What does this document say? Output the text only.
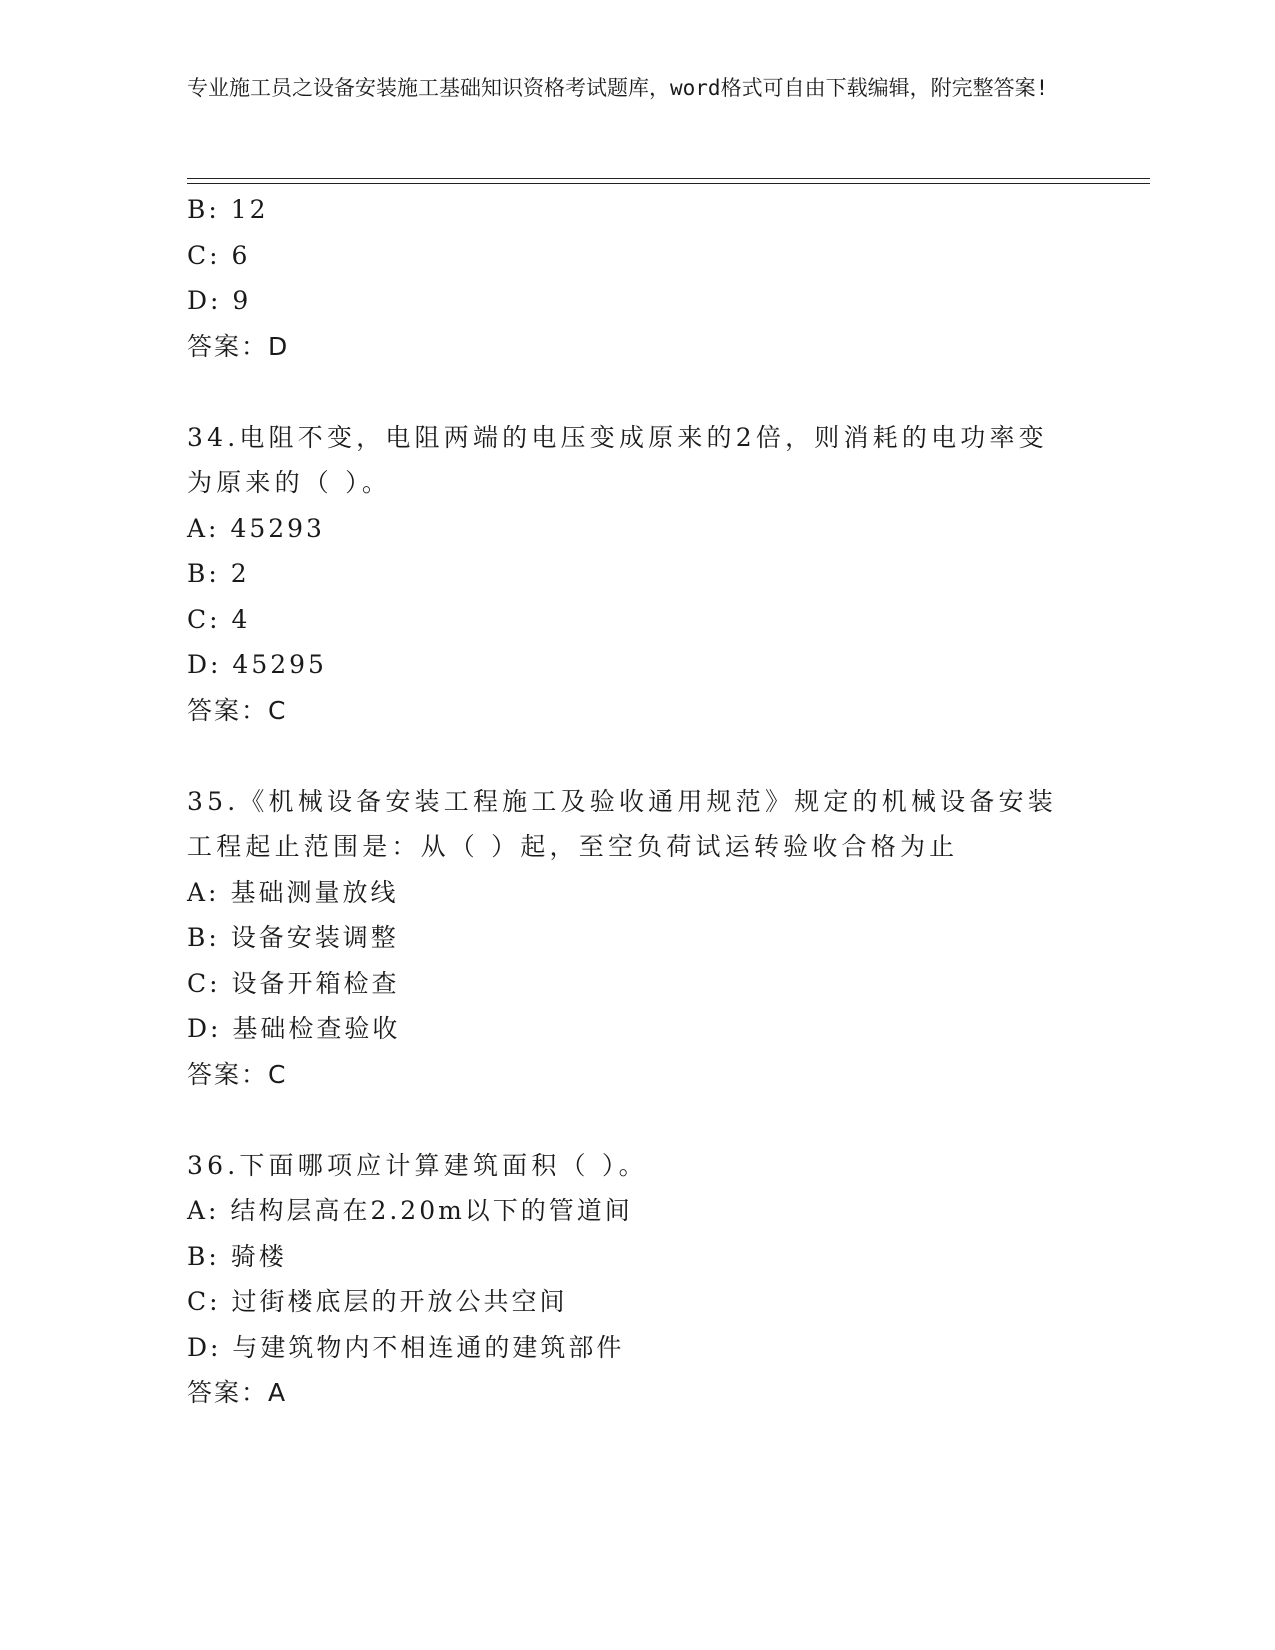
专业施工员之设备安装施工基础知识资格考试题库，word格式可自由下载编辑，附完整答案!
B: 12
C: 6
D: 9
答案：D
34.电阻不变，电阻两端的电压变成原来的2倍，则消耗的电功率变为原来的（ ）。
A: 45293
B: 2
C: 4
D: 45295
答案：C
35.《机械设备安装工程施工及验收通用规范》规定的机械设备安装工程起止范围是：从（ ）起，至空负荷试运转验收合格为止
A: 基础测量放线
B: 设备安装调整
C: 设备开箱检查
D: 基础检查验收
答案：C
36.下面哪项应计算建筑面积（ ）。
A: 结构层高在2.20m以下的管道间
B: 骑楼
C: 过街楼底层的开放公共空间
D: 与建筑物内不相连通的建筑部件
答案：A
